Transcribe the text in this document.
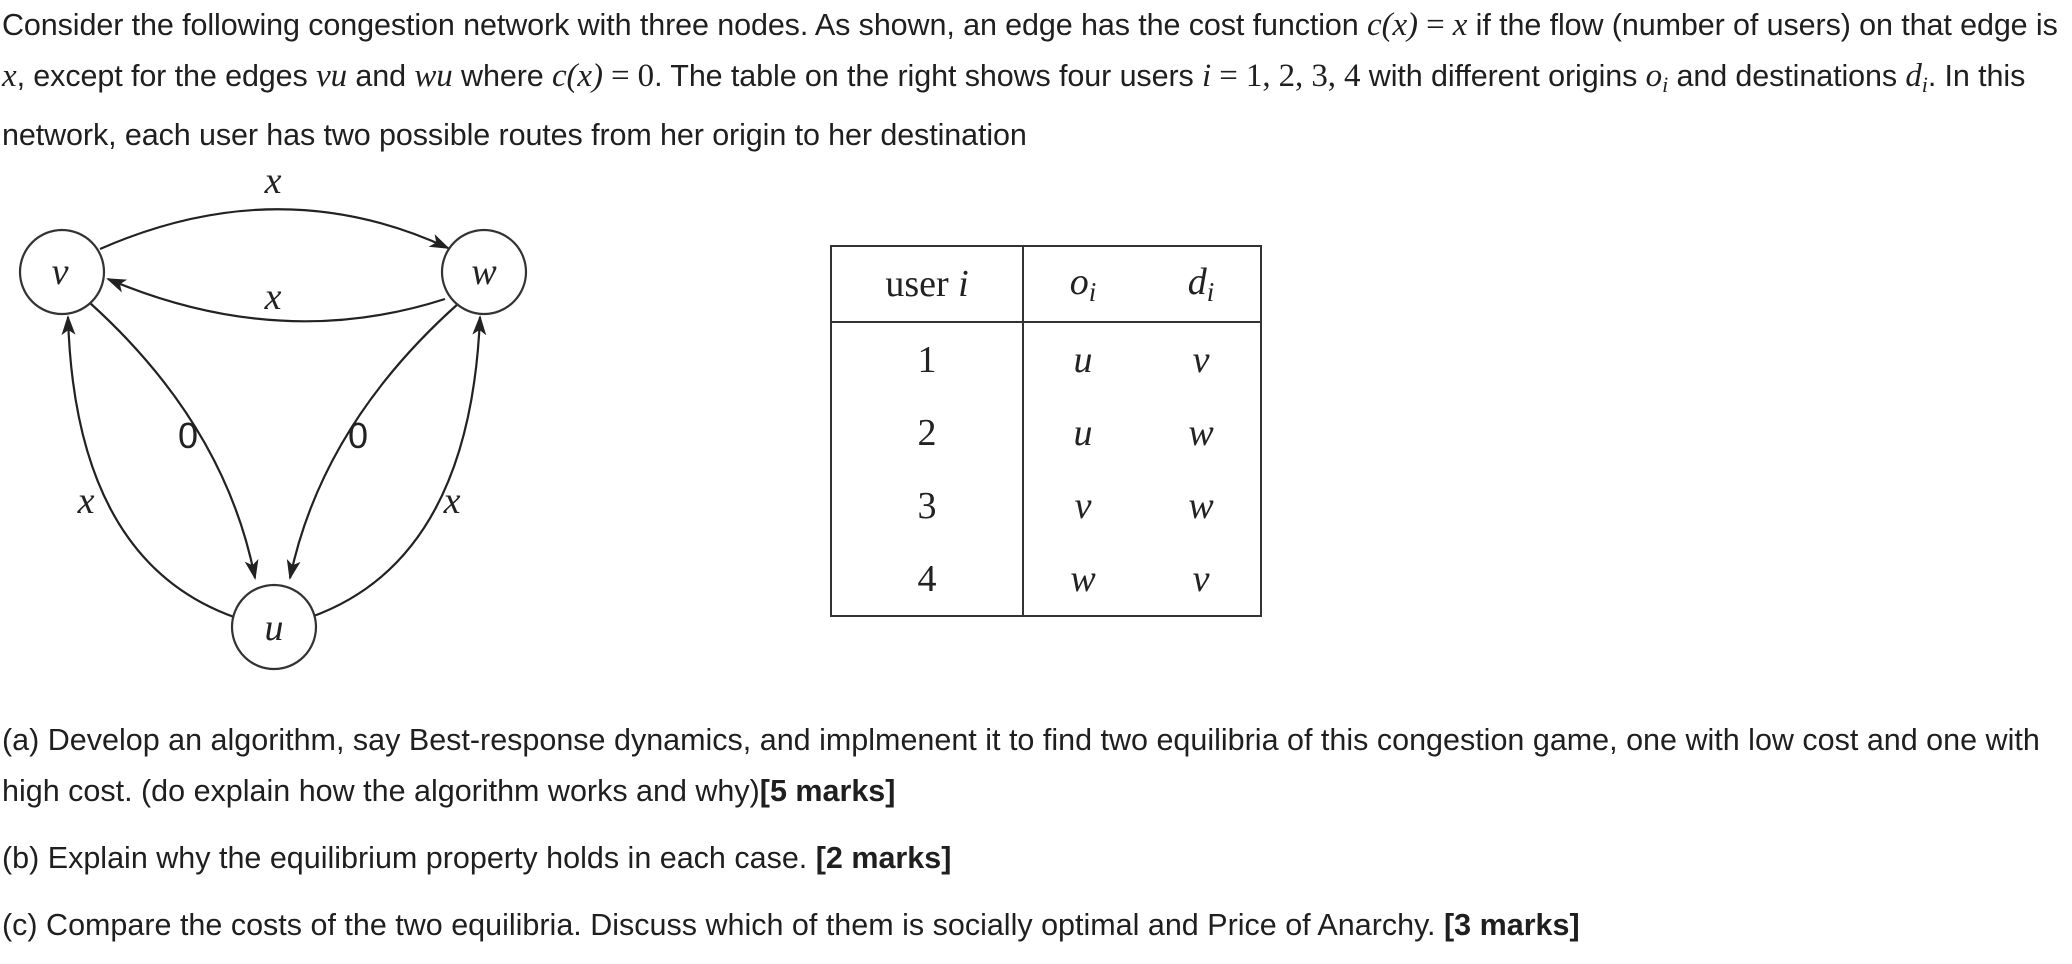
Consider the following congestion network with three nodes. As shown, an edge has the cost function c(x) = x if the flow (number of users) on that edge is x, except for the edges vu and wu where c(x) = 0. The table on the right shows four users i = 1, 2, 3, 4 with different origins $o_i$ and destinations $d_i$. In this network, each user has two possible routes from her origin to her destination

v	w
u
x
x
x	x
0	0
user i	oi	di
1	u	v
2	u	w
3	v	w
4	w	v

(a) Develop an algorithm, say Best-response dynamics, and implmenent it to find two equilibria of this congestion game, one with low cost and one with high cost. (do explain how the algorithm works and why)[5 marks]

(b) Explain why the equilibrium property holds in each case. [2 marks]

(c) Compare the costs of the two equilibria. Discuss which of them is socially optimal and Price of Anarchy. [3 marks]
